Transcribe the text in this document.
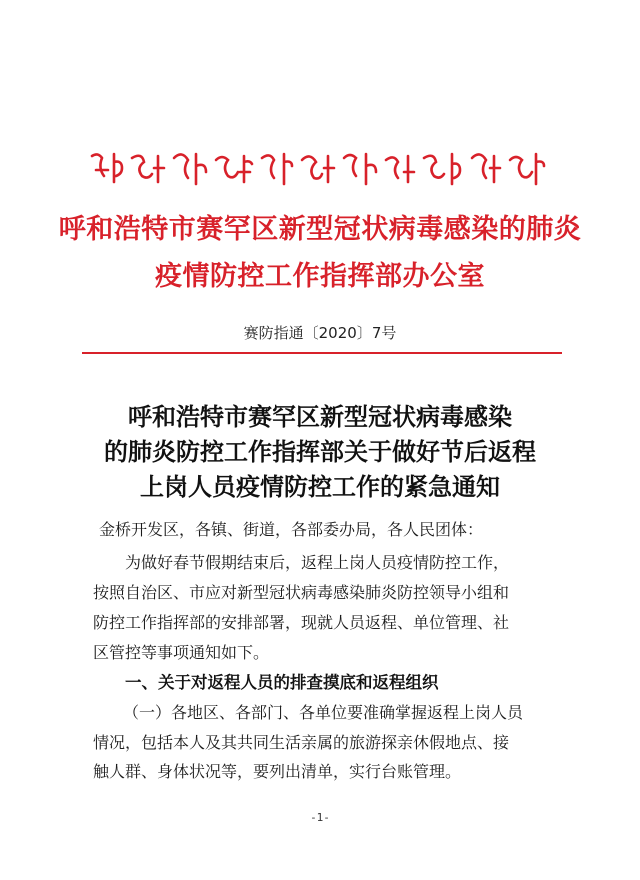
呼和浩特市赛罕区新型冠状病毒感染的肺炎
疫情防控工作指挥部办公室
赛防指通〔2020〕7号
呼和浩特市赛罕区新型冠状病毒感染
的肺炎防控工作指挥部关于做好节后返程
上岗人员疫情防控工作的紧急通知
金桥开发区，各镇、街道，各部委办局，各人民团体：
为做好春节假期结束后，返程上岗人员疫情防控工作，
按照自治区、市应对新型冠状病毒感染肺炎防控领导小组和
防控工作指挥部的安排部署，现就人员返程、单位管理、社
区管控等事项通知如下。
一、关于对返程人员的排查摸底和返程组织
（一）各地区、各部门、各单位要准确掌握返程上岗人员
情况，包括本人及其共同生活亲属的旅游探亲休假地点、接
触人群、身体状况等，要列出清单，实行台账管理。
-1-
